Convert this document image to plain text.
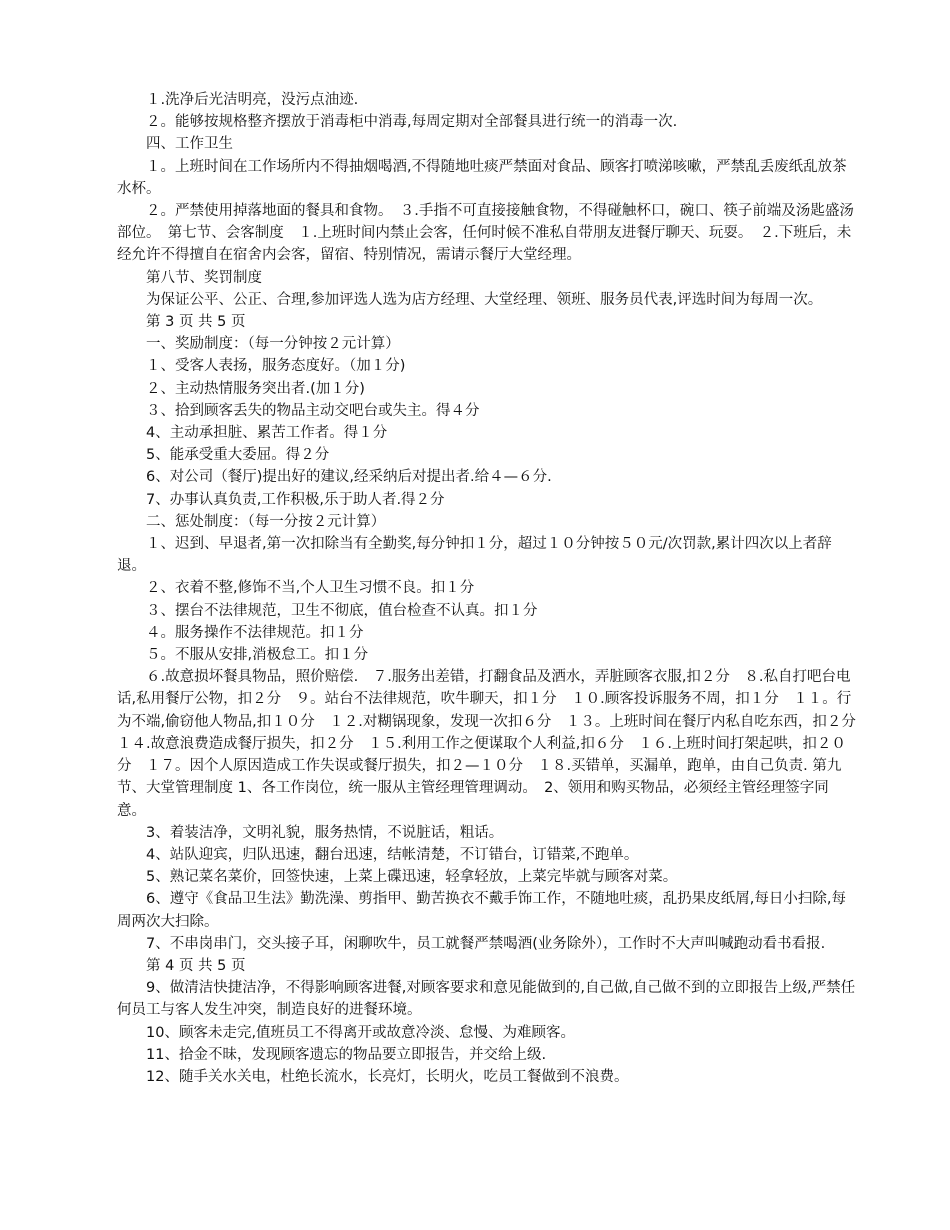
１.洗净后光洁明亮，没污点油迹.

２。能够按规格整齐摆放于消毒柜中消毒,每周定期对全部餐具进行统一的消毒一次.

四、工作卫生

１。上班时间在工作场所内不得抽烟喝酒,不得随地吐痰严禁面对食品、顾客打喷涕咳嗽，严禁乱丢废纸乱放茶水杯。

２。严禁使用掉落地面的餐具和食物。　３.手指不可直接接触食物，不得碰触杯口，碗口、筷子前端及汤匙盛汤部位。　第七节、会客制度　１.上班时间内禁止会客，任何时候不准私自带朋友进餐厅聊天、玩耍。　２.下班后，未经允许不得擅自在宿舍内会客，留宿、特别情况，需请示餐厅大堂经理。

第八节、奖罚制度

为保证公平、公正、合理,参加评选人选为店方经理、大堂经理、领班、服务员代表,评选时间为每周一次。

第 3 页 共 5 页

一、奖励制度：（每一分钟按２元计算）

１、受客人表扬，服务态度好。（加１分)

２、主动热情服务突出者.(加１分)

３、拾到顾客丢失的物品主动交吧台或失主。得４分

4、主动承担脏、累苦工作者。得１分

5、能承受重大委屈。得２分

6、对公司（餐厅)提出好的建议,经采纳后对提出者.给４—６分.

7、办事认真负责,工作积极,乐于助人者.得２分

二、惩处制度：（每一分按２元计算）

１、迟到、早退者,第一次扣除当有全勤奖,每分钟扣１分，超过１０分钟按５０元/次罚款,累计四次以上者辞退。

２、衣着不整,修饰不当,个人卫生习惯不良。扣１分

３、摆台不法律规范，卫生不彻底，值台检查不认真。扣１分

４。服务操作不法律规范。扣１分

５。不服从安排,消极怠工。扣１分

６.故意损坏餐具物品，照价赔偿.　７.服务出差错，打翻食品及洒水，弄脏顾客衣服,扣２分　８.私自打吧台电话,私用餐厅公物，扣２分　９。站台不法律规范，吹牛聊天，扣１分　１０.顾客投诉服务不周，扣１分　１１。行为不端,偷窃他人物品,扣１０分　１２.对糊锅现象，发现一次扣６分　１３。上班时间在餐厅内私自吃东西，扣２分　１４.故意浪费造成餐厅损失，扣２分　１５.利用工作之便谋取个人利益,扣６分　１６.上班时间打架起哄，扣２０分　１７。因个人原因造成工作失误或餐厅损失，扣２—１０分　１８.买错单，买漏单，跑单，由自己负责. 第九节、大堂管理制度 1、各工作岗位，统一服从主管经理管理调动。　2、领用和购买物品，必须经主管经理签字同意。

3、着装洁净，文明礼貌，服务热情，不说脏话，粗话。

4、站队迎宾，归队迅速，翻台迅速，结帐清楚，不订错台，订错菜,不跑单。

5、熟记菜名菜价，回签快速，上菜上碟迅速，轻拿轻放，上菜完毕就与顾客对菜。

6、遵守《食品卫生法》勤洗澡、剪指甲、勤苦换衣不戴手饰工作，不随地吐痰，乱扔果皮纸屑,每日小扫除,每周两次大扫除。

7、不串岗串门，交头接子耳，闲聊吹牛，员工就餐严禁喝酒(业务除外），工作时不大声叫喊跑动看书看报.

第 4 页 共 5 页

9、做清洁快捷洁净，不得影响顾客进餐,对顾客要求和意见能做到的,自己做,自己做不到的立即报告上级,严禁任何员工与客人发生冲突，制造良好的进餐环境。

10、顾客未走完,值班员工不得离开或故意冷淡、怠慢、为难顾客。

11、拾金不昧，发现顾客遗忘的物品要立即报告，并交给上级.

12、随手关水关电，杜绝长流水，长亮灯，长明火，吃员工餐做到不浪费。
